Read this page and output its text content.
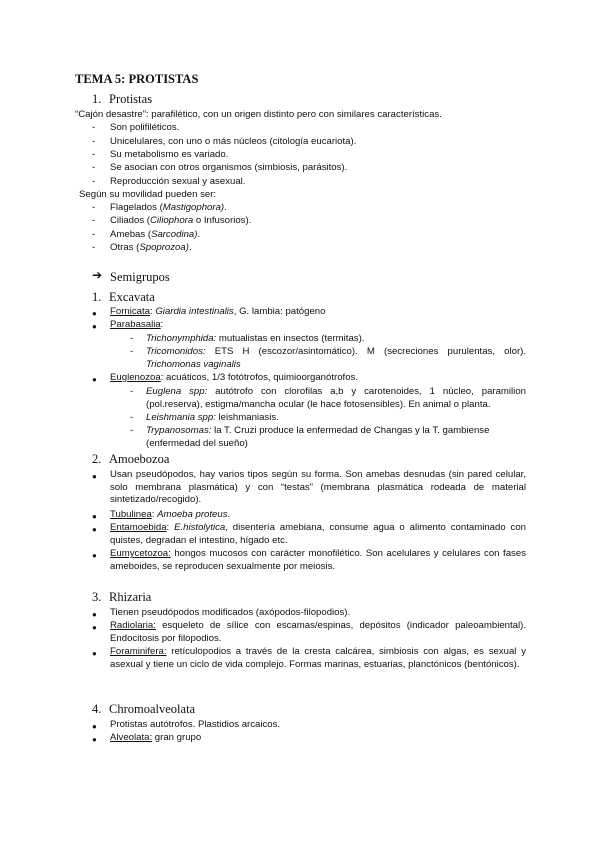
TEMA 5: PROTISTAS
1. Protistas
“Cajón desastre”: parafilético, con un origen distinto pero con similares características.
- Son polifiléticos.
- Unicelulares, con uno o más núcleos (citología eucariota).
- Su metabolismo es variado.
- Se asocian con otros organismos (simbiosis, parásitos).
- Reproducción sexual y asexual.
Según su movilidad pueden ser:
- Flagelados (Mastigophora).
- Ciliados (Ciliophora o Infusorios).
- Amebas (Sarcodina).
- Otras (Spoprozoa).
➔ Semigrupos
1. Excavata
● Fornicata: Giardia intestinalis, G. lambia: patógeno
● Parabasalia:
- Trichonymphida: mutualistas en insectos (termitas).
- Tricomonidos: ETS H (escozor/asintomático). M (secreciones purulentas, olor).
Trichomonas vaginalis
● Euglenozoa: acuáticos, 1/3 fotótrofos, quimioorganótrofos.
- Euglena spp: autótrofo con clorofilas a,b y carotenoides, 1 núcleo, paramilion
(pol.reserva), estigma/mancha ocular (le hace fotosensibles). En animal o planta.
- Leishmania spp: leishmaniasis.
- Trypanosomas: la T. Cruzi produce la enfermedad de Changas y la T. gambiense
(enfermedad del sueño)
2. Amoebozoa
● Usan pseudópodos, hay varios tipos según su forma. Son amebas desnudas (sin pared celular, solo membrana plasmática) y con “testas” (membrana plasmática rodeada de material sintetizado/recogido).
● Tubulinea: Amoeba proteus.
● Entamoebida: E.histolytica, disentería amebiana, consume agua o alimento contaminado con quistes, degradan el intestino, hígado etc.
● Eumycetozoa: hongos mucosos con carácter monofilético. Son acelulares y celulares con fases ameboides, se reproducen sexualmente por meiosis.
3. Rhizaria
● Tienen pseudópodos modificados (axópodos-filopodios).
● Radiolaria: esqueleto de sílice con escamas/espinas, depósitos (indicador paleoambiental). Endocitosis por filopodios.
● Foraminifera: retículopodios a través de la cresta calcárea, simbiosis con algas, es sexual y asexual y tiene un ciclo de vida complejo. Formas marinas, estuarias, planctónicos (bentónicos).
4. Chromoalveolata
● Protistas autótrofos. Plastidios arcaicos.
● Alveolata: gran grupo
